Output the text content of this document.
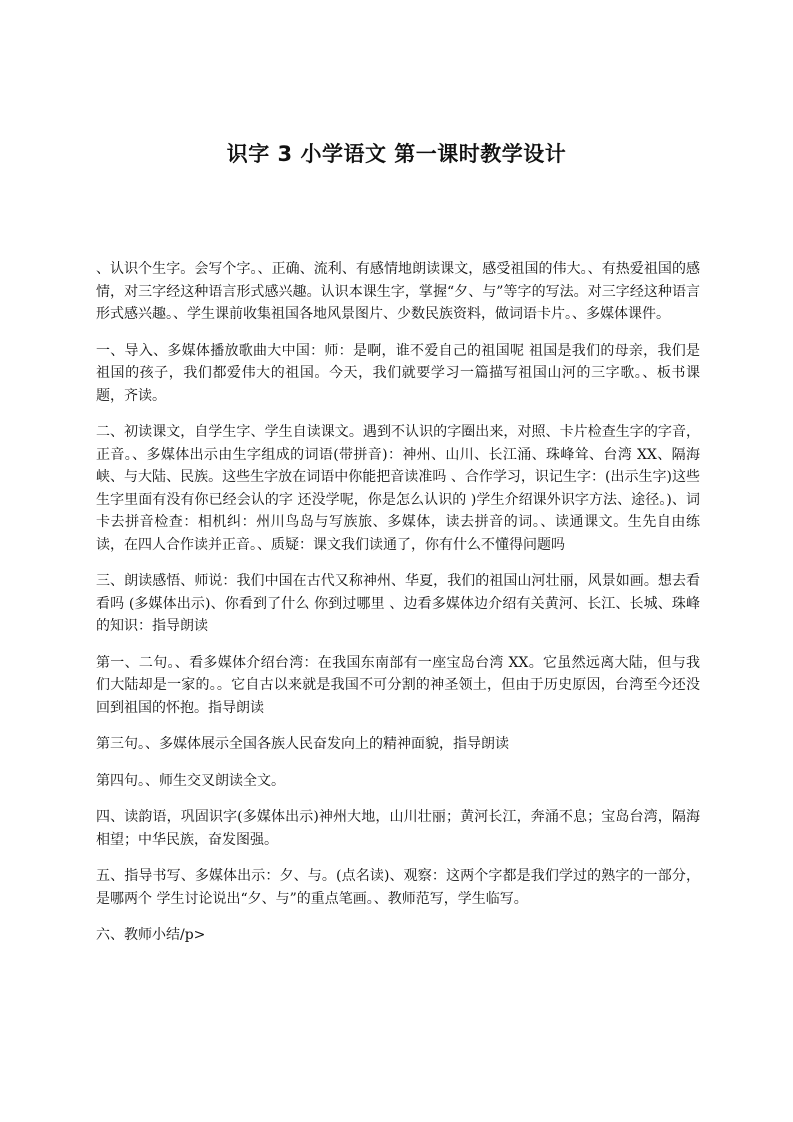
识字 3 小学语文 第一课时教学设计

、认识个生字。会写个字。、正确、流利、有感情地朗读课文，感受祖国的伟大。、有热爱祖国的感情，对三字经这种语言形式感兴趣。认识本课生字，掌握“夕、与”等字的写法。对三字经这种语言形式感兴趣。、学生课前收集祖国各地风景图片、少数民族资料，做词语卡片。、多媒体课件。

一、导入、多媒体播放歌曲大中国：师：是啊，谁不爱自己的祖国呢 祖国是我们的母亲，我们是祖国的孩子，我们都爱伟大的祖国。今天，我们就要学习一篇描写祖国山河的三字歌。、板书课题，齐读。

二、初读课文，自学生字、学生自读课文。遇到不认识的字圈出来，对照、卡片检查生字的字音，正音。、多媒体出示由生字组成的词语(带拼音)：神州、山川、长江涌、珠峰耸、台湾 XX、隔海峡、与大陆、民族。这些生字放在词语中你能把音读准吗 、合作学习，识记生字：(出示生字)这些生字里面有没有你已经会认的字 还没学呢，你是怎么认识的 )学生介绍课外识字方法、途径。)、词卡去拼音检查：相机纠：州川鸟岛与写族旅、多媒体，读去拼音的词。、读通课文。生先自由练读，在四人合作读并正音。、质疑：课文我们读通了，你有什么不懂得问题吗

三、朗读感悟、师说：我们中国在古代又称神州、华夏，我们的祖国山河壮丽，风景如画。想去看看吗 (多媒体出示)、你看到了什么 你到过哪里 、边看多媒体边介绍有关黄河、长江、长城、珠峰的知识：指导朗读

第一、二句。、看多媒体介绍台湾：在我国东南部有一座宝岛台湾 XX。它虽然远离大陆，但与我们大陆却是一家的。。它自古以来就是我国不可分割的神圣领土，但由于历史原因，台湾至今还没回到祖国的怀抱。指导朗读

第三句。、多媒体展示全国各族人民奋发向上的精神面貌，指导朗读

第四句。、师生交叉朗读全文。

四、读韵语，巩固识字(多媒体出示)神州大地，山川壮丽；黄河长江，奔涌不息；宝岛台湾，隔海相望；中华民族，奋发图强。

五、指导书写、多媒体出示：夕、与。(点名读)、观察：这两个字都是我们学过的熟字的一部分，是哪两个 学生讨论说出“夕、与”的重点笔画。、教师范写，学生临写。

六、教师小结/p>
